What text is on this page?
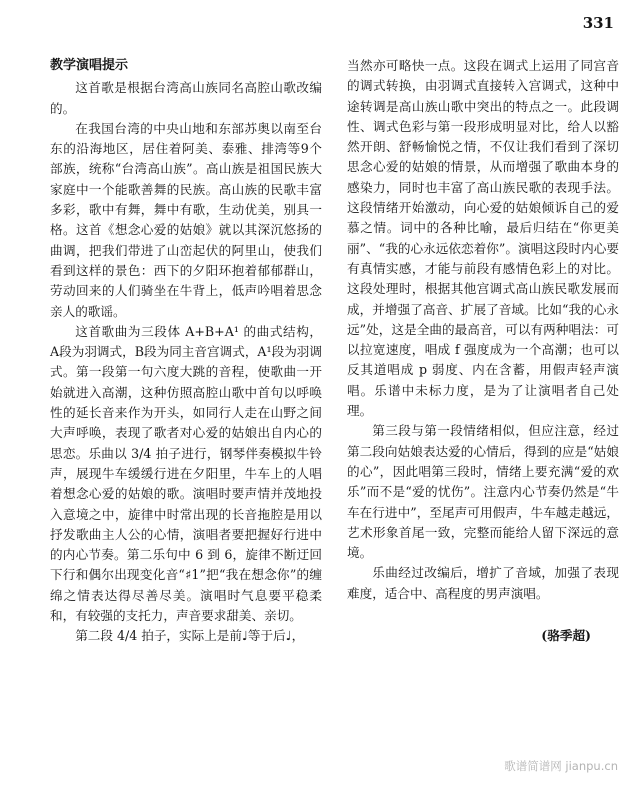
331

教学演唱提示

这首歌是根据台湾高山族同名高腔山歌改编的。

在我国台湾的中央山地和东部苏奥以南至台东的沿海地区，居住着阿美、泰雅、排湾等9个部族，统称“台湾高山族”。高山族是祖国民族大家庭中一个能歌善舞的民族。高山族的民歌丰富多彩，歌中有舞，舞中有歌，生动优美，别具一格。这首《想念心爱的姑娘》就以其深沉悠扬的曲调，把我们带进了山峦起伏的阿里山，使我们看到这样的景色：西下的夕阳环抱着郁郁群山，劳动回来的人们骑坐在牛背上，低声吟唱着思念亲人的歌谣。

这首歌曲为三段体 A+B+A¹ 的曲式结构，A段为羽调式，B段为同主音宫调式，A¹段为羽调式。第一段第一句六度大跳的音程，使歌曲一开始就进入高潮，这种仿照高腔山歌中首句以呼唤性的延长音来作为开头，如同行人走在山野之间大声呼唤，表现了歌者对心爱的姑娘出自内心的思恋。乐曲以 3/4 拍子进行，钢琴伴奏模拟牛铃声，展现牛车缓缓行进在夕阳里，牛车上的人唱着想念心爱的姑娘的歌。演唱时要声情并茂地投入意境之中，旋律中时常出现的长音拖腔是用以抒发歌曲主人公的心情，演唱者要把握好行进中的内心节奏。第二乐句中 6 到 6，旋律不断迂回下行和偶尔出现变化音“♯1”把“我在想念你”的缠绵之情表达得尽善尽美。演唱时气息要平稳柔和，有较强的支托力，声音要求甜美、亲切。

第二段 4/4 拍子，实际上是前♩等于后♩，

当然亦可略快一点。这段在调式上运用了同宫音的调式转换，由羽调式直接转入宫调式，这种中途转调是高山族山歌中突出的特点之一。此段调性、调式色彩与第一段形成明显对比，给人以豁然开朗、舒畅愉悦之情，不仅让我们看到了深切思念心爱的姑娘的情景，从而增强了歌曲本身的感染力，同时也丰富了高山族民歌的表现手法。这段情绪开始激动，向心爱的姑娘倾诉自己的爱慕之情。词中的各种比喻，最后归结在“你更美丽”、“我的心永远依恋着你”。演唱这段时内心要有真情实感，才能与前段有感情色彩上的对比。这段处理时，根据其他宫调式高山族民歌发展而成，并增强了高音、扩展了音域。比如“我的心永远”处，这是全曲的最高音，可以有两种唱法：可以拉宽速度，唱成 f 强度成为一个高潮；也可以反其道唱成 p 弱度、内在含蓄，用假声轻声演唱。乐谱中未标力度，是为了让演唱者自己处理。

第三段与第一段情绪相似，但应注意，经过第二段向姑娘表达爱的心情后，得到的应是“姑娘的心”，因此唱第三段时，情绪上要充满“爱的欢乐”而不是“爱的忧伤”。注意内心节奏仍然是“牛车在行进中”，至尾声可用假声，牛车越走越远，艺术形象首尾一致，完整而能给人留下深远的意境。

乐曲经过改编后，增扩了音域，加强了表现难度，适合中、高程度的男声演唱。

(骆季超)

歌谱简谱网 jianpu.cn
